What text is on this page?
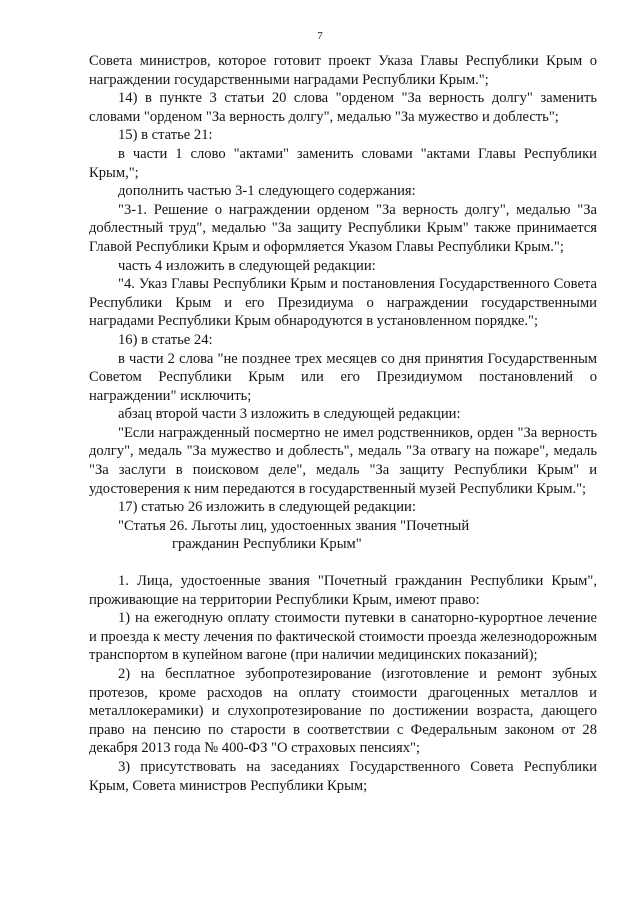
7

Совета министров, которое готовит проект Указа Главы Республики Крым о награждении государственными наградами Республики Крым.";

14) в пункте 3 статьи 20 слова "орденом "За верность долгу" заменить словами "орденом "За верность долгу", медалью "За мужество и доблесть";

15) в статье 21:

в части 1 слово "актами" заменить словами "актами Главы Республики Крым,";

дополнить частью 3-1 следующего содержания:

"3-1. Решение о награждении орденом "За верность долгу", медалью "За доблестный труд", медалью "За защиту Республики Крым" также принимается Главой Республики Крым и оформляется Указом Главы Республики Крым.";

часть 4 изложить в следующей редакции:

"4. Указ Главы Республики Крым и постановления Государственного Совета Республики Крым и его Президиума о награждении государственными наградами Республики Крым обнародуются в установленном порядке.";

16) в статье 24:

в части 2 слова "не позднее трех месяцев со дня принятия Государственным Советом Республики Крым или его Президиумом постановлений о награждении" исключить;

абзац второй части 3 изложить в следующей редакции:

"Если награжденный посмертно не имел родственников, орден "За верность долгу", медаль "За мужество и доблесть", медаль "За отвагу на пожаре", медаль "За заслуги в поисковом деле", медаль "За защиту Республики Крым" и удостоверения к ним передаются в государственный музей Республики Крым.";

17) статью 26 изложить в следующей редакции:

"Статья 26. Льготы лиц, удостоенных звания "Почетный

гражданин Республики Крым"

1. Лица, удостоенные звания "Почетный гражданин Республики Крым", проживающие на территории Республики Крым, имеют право:

1) на ежегодную оплату стоимости путевки в санаторно-курортное лечение и проезда к месту лечения по фактической стоимости проезда железнодорожным транспортом в купейном вагоне (при наличии медицинских показаний);

2) на бесплатное зубопротезирование (изготовление и ремонт зубных протезов, кроме расходов на оплату стоимости драгоценных металлов и металлокерамики) и слухопротезирование по достижении возраста, дающего право на пенсию по старости в соответствии с Федеральным законом от 28 декабря 2013 года № 400-ФЗ "О страховых пенсиях";

3) присутствовать на заседаниях Государственного Совета Республики Крым, Совета министров Республики Крым;
